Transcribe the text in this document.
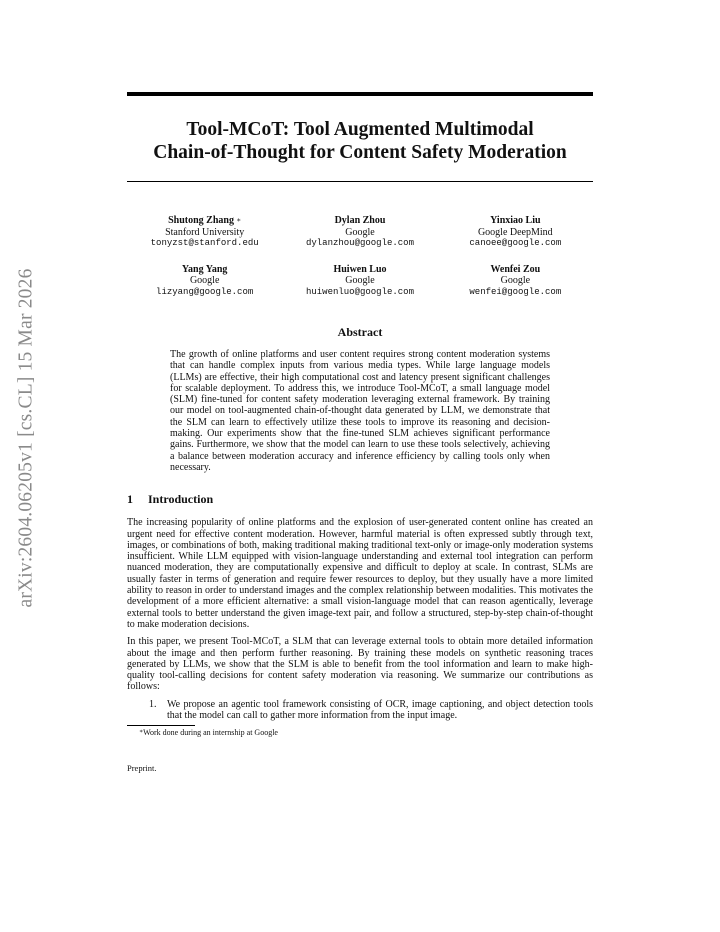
arXiv:2604.06205v1 [cs.CL] 15 Mar 2026
Tool-MCoT: Tool Augmented Multimodal
Chain-of-Thought for Content Safety Moderation
Shutong Zhang ∗
Stanford University
tonyzst@stanford.edu
Dylan Zhou
Google
dylanzhou@google.com
Yinxiao Liu
Google DeepMind
canoee@google.com
Yang Yang
Google
lizyang@google.com
Huiwen Luo
Google
huiwenluo@google.com
Wenfei Zou
Google
wenfei@google.com
Abstract
The growth of online platforms and user content requires strong content moderation systems that can handle complex inputs from various media types. While large language models (LLMs) are effective, their high computational cost and latency present significant challenges for scalable deployment. To address this, we introduce Tool-MCoT, a small language model (SLM) fine-tuned for content safety moderation leveraging external framework. By training our model on tool-augmented chain-of-thought data generated by LLM, we demonstrate that the SLM can learn to effectively utilize these tools to improve its reasoning and decision-making. Our experiments show that the fine-tuned SLM achieves significant performance gains. Furthermore, we show that the model can learn to use these tools selectively, achieving a balance between moderation accuracy and inference efficiency by calling tools only when necessary.
1 Introduction
The increasing popularity of online platforms and the explosion of user-generated content online has created an urgent need for effective content moderation. However, harmful material is often expressed subtly through text, images, or combinations of both, making traditional making traditional text-only or image-only moderation systems insufficient. While LLM equipped with vision-language understanding and external tool integration can perform nuanced moderation, they are computationally expensive and difficult to deploy at scale. In contrast, SLMs are usually faster in terms of generation and require fewer resources to deploy, but they usually have a more limited ability to reason in order to understand images and the complex relationship between modalities. This motivates the development of a more efficient alternative: a small vision-language model that can reason agentically, leverage external tools to better understand the given image-text pair, and follow a structured, step-by-step chain-of-thought to make moderation decisions.
In this paper, we present Tool-MCoT, a SLM that can leverage external tools to obtain more detailed information about the image and then perform further reasoning. By training these models on synthetic reasoning traces generated by LLMs, we show that the SLM is able to benefit from the tool information and learn to make high-quality tool-calling decisions for content safety moderation via reasoning. We summarize our contributions as follows:
1.	We propose an agentic tool framework consisting of OCR, image captioning, and object detection tools that the model can call to gather more information from the input image.
∗Work done during an internship at Google
Preprint.
